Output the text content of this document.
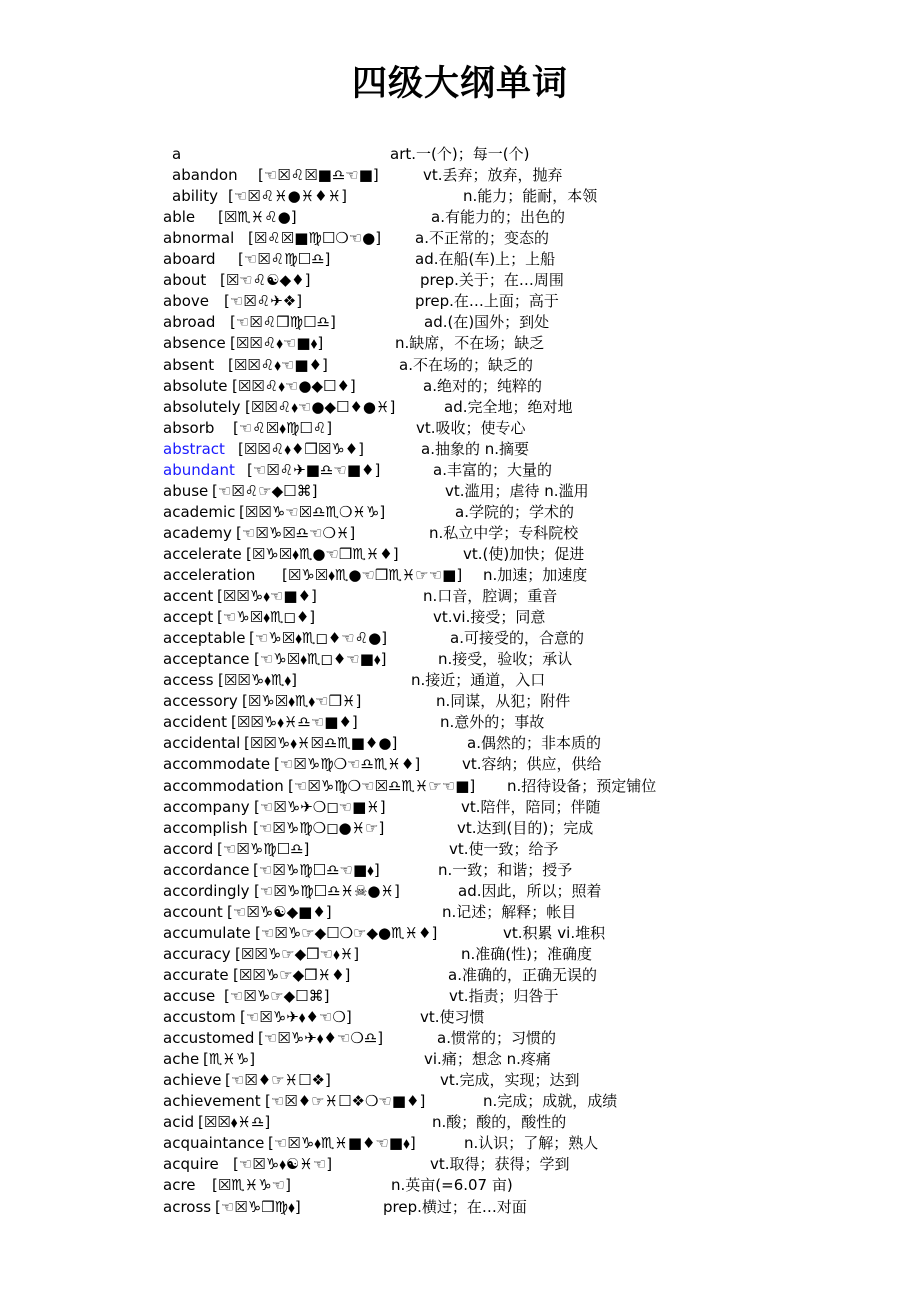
四级大纲单词
a	art.一(个)；每一(个)
abandon [☜☒♌☒■♎☜■]	vt.丢弃；放弃，抛弃
ability [☜☒♌♓●♓♦♓]	n.能力；能耐，本领
able [☒♏♓♌●]	a.有能力的；出色的
abnormal [☒♌☒■♍☐❍☜●] a.不正常的；变态的
aboard [☜☒♌♍☐♎]	ad.在船(车)上；上船
about [☒☜♌☯◆♦]	prep.关于；在…周围
above [☜☒♌✈❖]	prep.在…上面；高于
abroad [☜☒♌❒♍☐♎]	ad.(在)国外；到处
absence [☒☒♌⬧☜■⬧]	n.缺席，不在场；缺乏
absent [☒☒♌⬧☜■♦]	a.不在场的；缺乏的
absolute [☒☒♌⬧☜●◆☐♦]	a.绝对的；纯粹的
absolutely [☒☒♌⬧☜●◆☐♦●♓]	ad.完全地；绝对地
absorb [☜♌☒⬧♍☐♌]	vt.吸收；使专心
abstract [☒☒♌⬧♦❒☒♑♦]	a.抽象的 n.摘要
abundant [☜☒♌✈■♎☜■♦]	a.丰富的；大量的
abuse [☜☒♌☞◆☐⌘]	vt.滥用；虐待 n.滥用
academic [☒☒♑☜☒♎♏❍♓♑]	a.学院的；学术的
academy [☜☒♑☒♎☜❍♓]	n.私立中学；专科院校
accelerate [☒♑☒⬧♏●☜❒♏♓♦]	vt.(使)加快；促进
acceleration [☒♑☒⬧♏●☜❒♏♓☞☜■] n.加速；加速度
accent [☒☒♑⬧☜■♦]	n.口音，腔调；重音
accept [☜♑☒⬧♏◻♦]	vt.vi.接受；同意
acceptable [☜♑☒⬧♏◻♦☜♌●]	a.可接受的，合意的
acceptance [☜♑☒⬧♏◻♦☜■⬧]	n.接受，验收；承认
access [☒☒♑⬧♏⬧]	n.接近；通道，入口
accessory [☒♑☒⬧♏⬧☜❒♓]	n.同谋，从犯；附件
accident [☒☒♑⬧♓♎☜■♦]	n.意外的；事故
accidental [☒☒♑⬧♓☒♎♏■♦●]	a.偶然的；非本质的
accommodate [☜☒♑♍❍☜♎♏♓♦]	vt.容纳；供应，供给
accommodation [☜☒♑♍❍☜☒♎♏♓☞☜■] n.招待设备；预定铺位
accompany [☜☒♑✈❍◻☜■♓]	vt.陪伴，陪同；伴随
accomplish [☜☒♑♍❍◻●♓☞]	vt.达到(目的)；完成
accord [☜☒♑♍☐♎]	vt.使一致；给予
accordance [☜☒♑♍☐♎☜■⬧]	n.一致；和谐；授予
accordingly [☜☒♑♍☐♎♓☠●♓]	ad.因此，所以；照着
account [☜☒♑☯◆■♦]	n.记述；解释；帐目
accumulate [☜☒♑☞◆☐❍☞◆●♏♓♦]	vt.积累 vi.堆积
accuracy [☒☒♑☞◆❒☜⬧♓]	n.准确(性)；准确度
accurate [☒☒♑☞◆❒♓♦]	a.准确的，正确无误的
accuse [☜☒♑☞◆☐⌘]	vt.指责；归咎于
accustom [☜☒♑✈⬧♦☜❍]	vt.使习惯
accustomed [☜☒♑✈⬧♦☜❍♎]	a.惯常的；习惯的
ache [♏♓♑]	vi.痛；想念 n.疼痛
achieve [☜☒♦☞♓☐❖]	vt.完成，实现；达到
achievement [☜☒♦☞♓☐❖❍☜■♦]	n.完成；成就，成绩
acid [☒☒⬧♓♎]	n.酸；酸的，酸性的
acquaintance [☜☒♑⬧♏♓■♦☜■⬧]	n.认识；了解；熟人
acquire [☜☒♑⬧☯♓☜]	vt.取得；获得；学到
acre [☒♏♓♑☜]	n.英亩(=6.07 亩)
across [☜☒♑❒♍⬧]	prep.横过；在…对面
